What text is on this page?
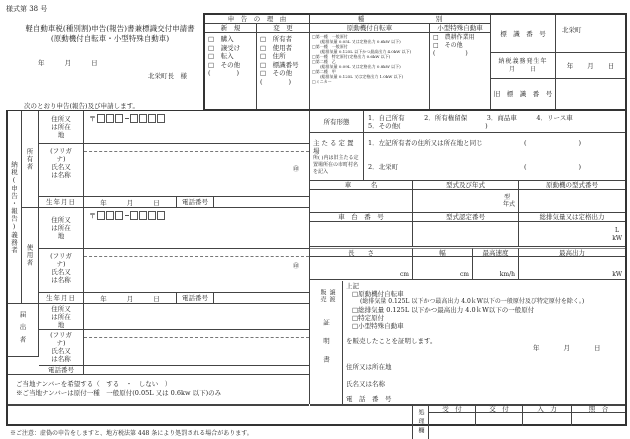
様式第 38 号
軽自動車税(種別割)申告(報告)書兼標識交付申請書
(原動機付自転車・小型特殊自動車)
年	月	日
北栄町長　様
次のとおり申告(報告)及び申請します。
申　告　の　理　由
新　規	変　更
□　購入
□　譲受け
□　転入
□　その他
(　　　　)
□　所有者
□　使用者
□　住所
□　標識番号
□　その他
(　　　　)
種　　　　　　　　　　　別
原動機付自転車
□第一種　一般原付
(総排気量 0.05L 又は定格出力 0.6kW 以下)
□第一種　一般原付
(総排気量 0.125L 以下かつ最高出力 4.0kW 以下)
□第一種　特定原付(定格出力 0.6kW 以下)
□第二種　乙
(総排気量 0.09L 又は定格出力 0.8kW 以下)
□第二種　甲
(総排気量 0.125L 又は定格出力 1.0kW 以下)
□ミニカー
小型特殊自動車
□　農耕作業用
□　その他
(　　　　　)
標　識　番　号	北栄町
納税義務発生年　　月　　日	年 月 日
旧　標　識　番　号
納税(申告・報告)義務者
所有者
住所又は所在地
〒
(フリガナ)
氏名又は名称
㊞
生年月日	年	月	日	電話番号
使用者
住所又は所在地
〒
(フリガナ)
氏名又は名称
㊞
生年月日	年	月	日	電話番号
届出者
住所又は所在地
(フリガナ)
氏名又は名称
電話番号
ご当地ナンバーを希望する（　する　・　しない　）
※ご当地ナンバーは原付一種　一般原付(0.05L 又は 0.6kw 以下)のみ
所有形態	1．自己所有　　　2．所有権留保　　　3．商品車　　　4．リース車
5．その他(　　　　　　　　　　　　　)
主たる定置場
所( )内は旧主たる定置場所在の市町村名を記入
1．左記所有者の住所又は所在地と同じ	(　　　　　　　　)
2．北栄町	(　　　　　　　　)
車　　　名	型式及び年式	原動機の型式番号
型
年式
車　台　番　号	型式認定番号	総排気量又は定格出力
L
kW
長　　さ	幅	最高速度	最高出力
cm	cm	km/h	kW
販売 譲渡
証明書
上記
□原動機付自転車
(総排気量 0.125L 以下かつ最高出力 4.0ｋW以下の一般原付及び特定原付を除く。)
□総排気量 0.125L 以下かつ最高出力 4.0ｋW以下の一般原付
□特定原付
□小型特殊自動車
を販売したことを証明します。
年	月	日
住所又は所在地
氏名又は名称
電　話　番　号
処理欄	受　付	交　付	入　力	照　合
※ご注意：虚偽の申告をしますと、地方税法第 448 条により処罰される場合があります。
